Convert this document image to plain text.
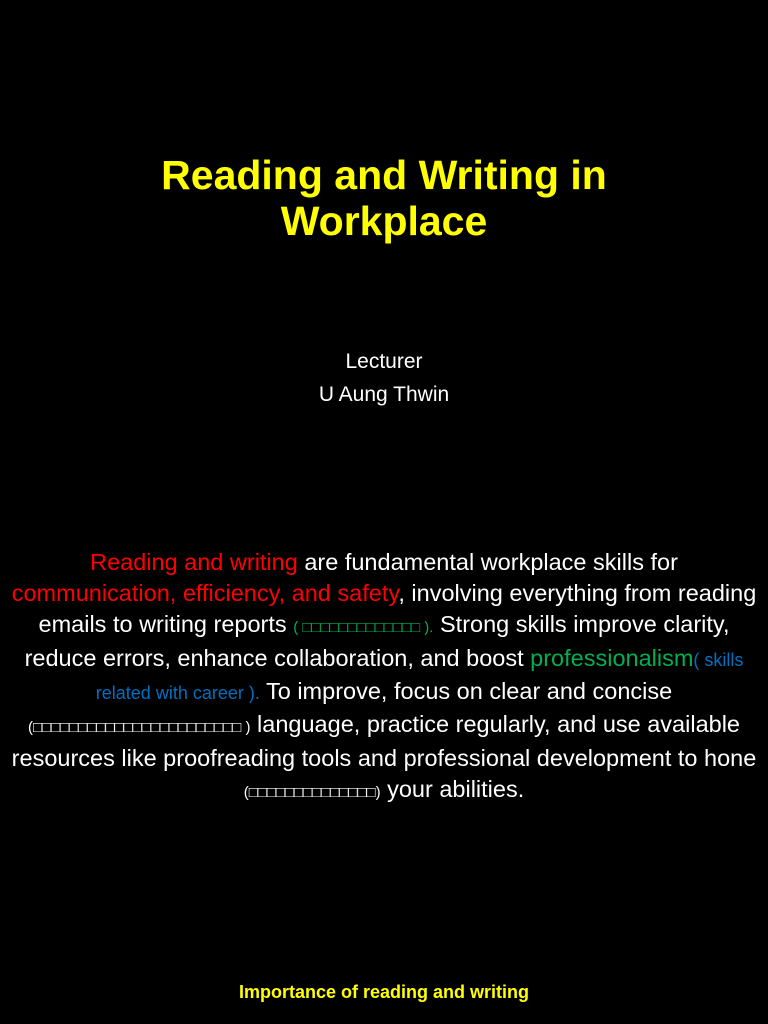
Reading and Writing in
Workplace
Lecturer
U Aung Thwin

Reading and writing are fundamental workplace skills for communication, efficiency, and safety, involving everything from reading emails to writing reports ( □□□□□□□□□□□□□ ). Strong skills improve clarity, reduce errors, enhance collaboration, and boost professionalism( skills related with career ). To improve, focus on clear and concise (□□□□□□□□□□□□□□□□□□□□□□□ ) language, practice regularly, and use available resources like proofreading tools and professional development to hone (□□□□□□□□□□□□□□) your abilities.

Importance of reading and writing
